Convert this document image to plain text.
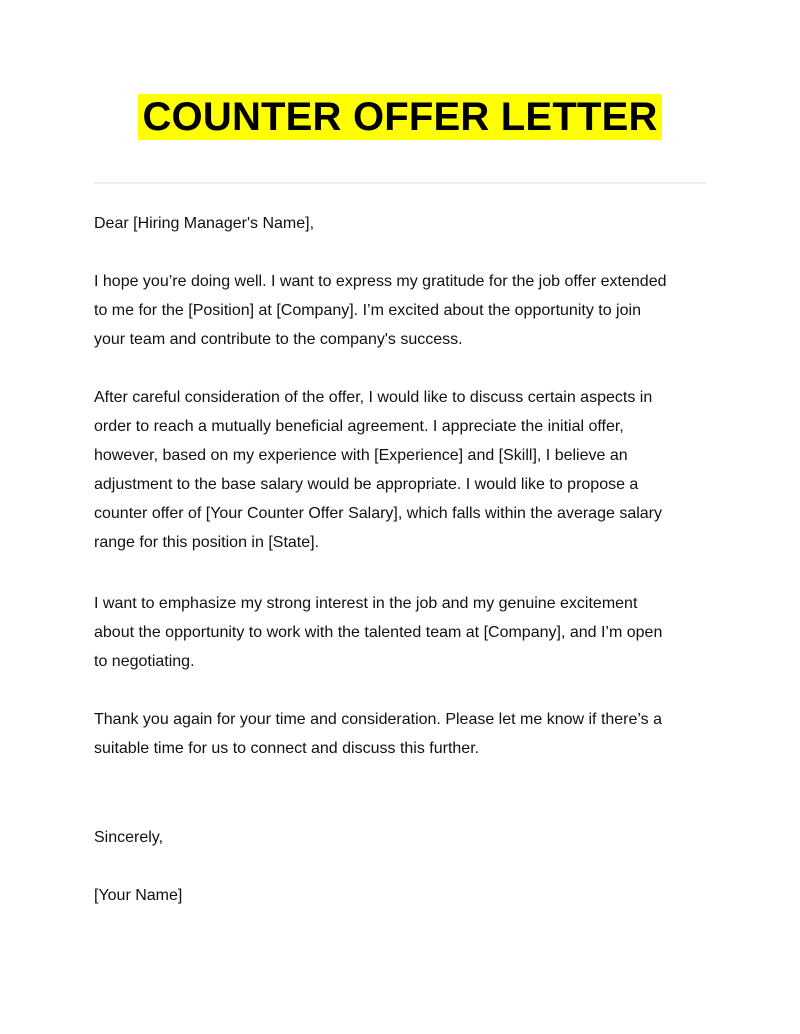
COUNTER OFFER LETTER
Dear [Hiring Manager's Name],
I hope you’re doing well. I want to express my gratitude for the job offer extended
to me for the [Position] at [Company]. I’m excited about the opportunity to join
your team and contribute to the company's success.
After careful consideration of the offer, I would like to discuss certain aspects in
order to reach a mutually beneficial agreement. I appreciate the initial offer,
however, based on my experience with [Experience] and [Skill], I believe an
adjustment to the base salary would be appropriate. I would like to propose a
counter offer of [Your Counter Offer Salary], which falls within the average salary
range for this position in [State].
I want to emphasize my strong interest in the job and my genuine excitement
about the opportunity to work with the talented team at [Company], and I’m open
to negotiating.
Thank you again for your time and consideration. Please let me know if there’s a
suitable time for us to connect and discuss this further.
Sincerely,
[Your Name]
